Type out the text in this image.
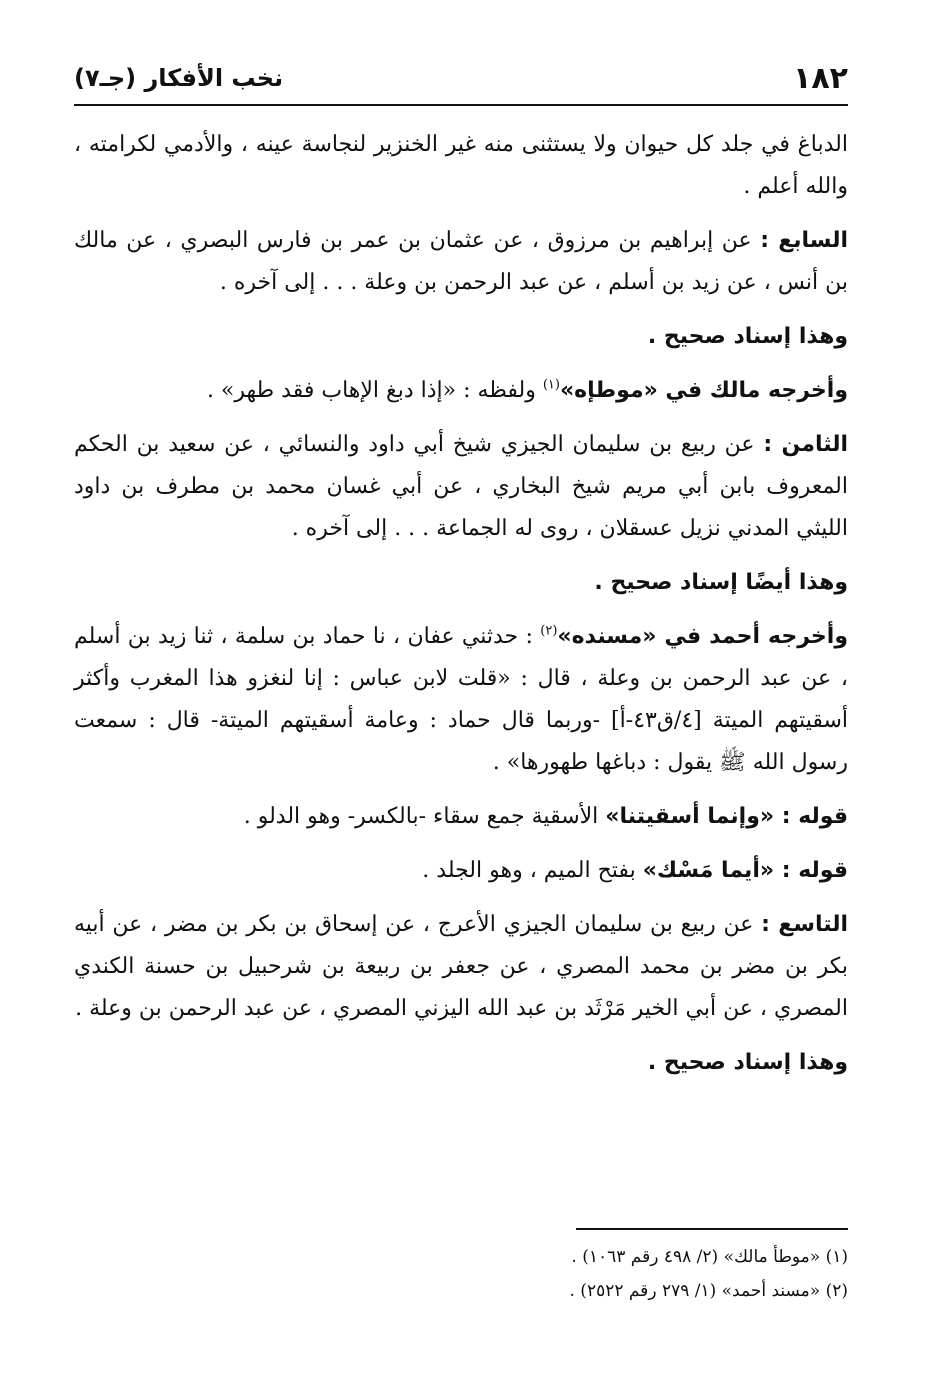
١٨٢
نخب الأفكار (جـ٧)

الدباغ في جلد كل حيوان ولا يستثنى منه غير الخنزير لنجاسة عينه ، والأدمي لكرامته ، والله أعلم .

السابع : عن إبراهيم بن مرزوق ، عن عثمان بن عمر بن فارس البصري ، عن مالك بن أنس ، عن زيد بن أسلم ، عن عبد الرحمن بن وعلة . . . إلى آخره .

وهذا إسناد صحيح .

وأخرجه مالك في «موطإه»$^{(١)}$ ولفظه : «إذا دبغ الإهاب فقد طهر» .

الثامن : عن ربيع بن سليمان الجيزي شيخ أبي داود والنسائي ، عن سعيد بن الحكم المعروف بابن أبي مريم شيخ البخاري ، عن أبي غسان محمد بن مطرف بن داود الليثي المدني نزيل عسقلان ، روى له الجماعة . . . إلى آخره .

وهذا أيضًا إسناد صحيح .

وأخرجه أحمد في «مسنده»$^{(٢)}$ : حدثني عفان ، نا حماد بن سلمة ، ثنا زيد بن أسلم ، عن عبد الرحمن بن وعلة ، قال : «قلت لابن عباس : إنا لنغزو هذا المغرب وأكثر أسقيتهم الميتة [٤/ق٤٣-أ] -وربما قال حماد : وعامة أسقيتهم الميتة- قال : سمعت رسول الله ﷺ يقول : دباغها طهورها» .

قوله : «وإنما أسقيتنا» الأسقية جمع سقاء -بالكسر- وهو الدلو .

قوله : «أيما مَسْك» بفتح الميم ، وهو الجلد .

التاسع : عن ربيع بن سليمان الجيزي الأعرج ، عن إسحاق بن بكر بن مضر ، عن أبيه بكر بن مضر بن محمد المصري ، عن جعفر بن ربيعة بن شرحبيل بن حسنة الكندي المصري ، عن أبي الخير مَرْثَد بن عبد الله اليزني المصري ، عن عبد الرحمن بن وعلة .

وهذا إسناد صحيح .

(١) «موطأ مالك» (٢/ ٤٩٨ رقم ١٠٦٣) .
(٢) «مسند أحمد» (١/ ٢٧٩ رقم ٢٥٢٢) .
